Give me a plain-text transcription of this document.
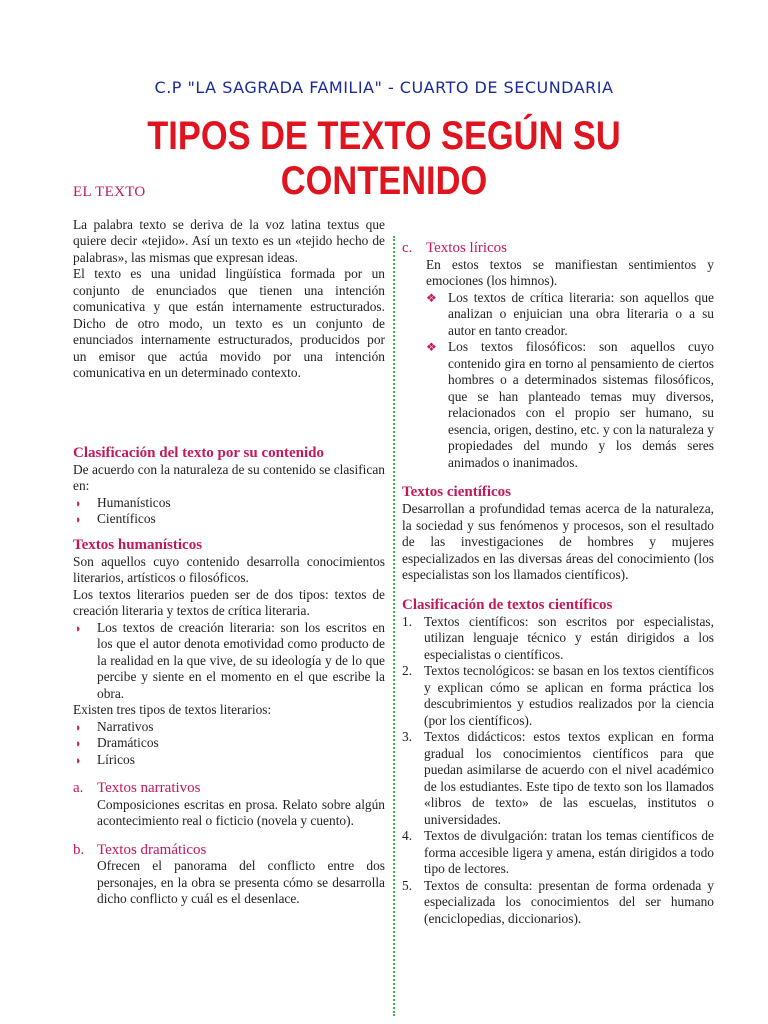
C.P "LA SAGRADA FAMILIA" - CUARTO DE SECUNDARIA
TIPOS DE TEXTO SEGÚN SU CONTENIDO
EL TEXTO

La palabra texto se deriva de la voz latina textus que quiere decir «tejido». Así un texto es un «tejido hecho de palabras», las mismas que expresan ideas.

El texto es una unidad lingüística formada por un conjunto de enunciados que tienen una intención comunicativa y que están internamente estructurados. Dicho de otro modo, un texto es un conjunto de enunciados internamente estructurados, producidos por un emisor que actúa movido por una intención comunicativa en un determinado contexto.

Clasificación del texto por su contenido

De acuerdo con la naturaleza de su contenido se clasifican en:

◗ Humanísticos
◗ Científicos
Textos humanísticos

Son aquellos cuyo contenido desarrolla conocimientos literarios, artísticos o filosóficos.

Los textos literarios pueden ser de dos tipos: textos de creación literaria y textos de crítica literaria.

◗ Los textos de creación literaria: son los escritos en los que el autor denota emotividad como producto de la realidad en la que vive, de su ideología y de lo que percibe y siente en el momento en el que escribe la obra.

Existen tres tipos de textos literarios:

◗ Narrativos
◗ Dramáticos
◗ Líricos
a. Textos narrativos
Composiciones escritas en prosa. Relato sobre algún acontecimiento real o ficticio (novela y cuento).
b. Textos dramáticos
Ofrecen el panorama del conflicto entre dos personajes, en la obra se presenta cómo se desarrolla dicho conflicto y cuál es el desenlace.
c. Textos líricos
En estos textos se manifiestan sentimientos y emociones (los himnos).
❖ Los textos de crítica literaria: son aquellos que analizan o enjuician una obra literaria o a su autor en tanto creador.
❖ Los textos filosóficos: son aquellos cuyo contenido gira en torno al pensamiento de ciertos hombres o a determinados sistemas filosóficos, que se han planteado temas muy diversos, relacionados con el propio ser humano, su esencia, origen, destino, etc. y con la naturaleza y propiedades del mundo y los demás seres animados o inanimados.
Textos científicos

Desarrollan a profundidad temas acerca de la naturaleza, la sociedad y sus fenómenos y procesos, son el resultado de las investigaciones de hombres y mujeres especializados en las diversas áreas del conocimiento (los especialistas son los llamados científicos).

Clasificación de textos científicos
1. Textos científicos: son escritos por especialistas, utilizan lenguaje técnico y están dirigidos a los especialistas o científicos.
2. Textos tecnológicos: se basan en los textos científicos y explican cómo se aplican en forma práctica los descubrimientos y estudios realizados por la ciencia (por los científicos).
3. Textos didácticos: estos textos explican en forma gradual los conocimientos científicos para que puedan asimilarse de acuerdo con el nivel académico de los estudiantes. Este tipo de texto son los llamados «libros de texto» de las escuelas, institutos o universidades.
4. Textos de divulgación: tratan los temas científicos de forma accesible ligera y amena, están dirigidos a todo tipo de lectores.
5. Textos de consulta: presentan de forma ordenada y especializada los conocimientos del ser humano (enciclopedias, diccionarios).
